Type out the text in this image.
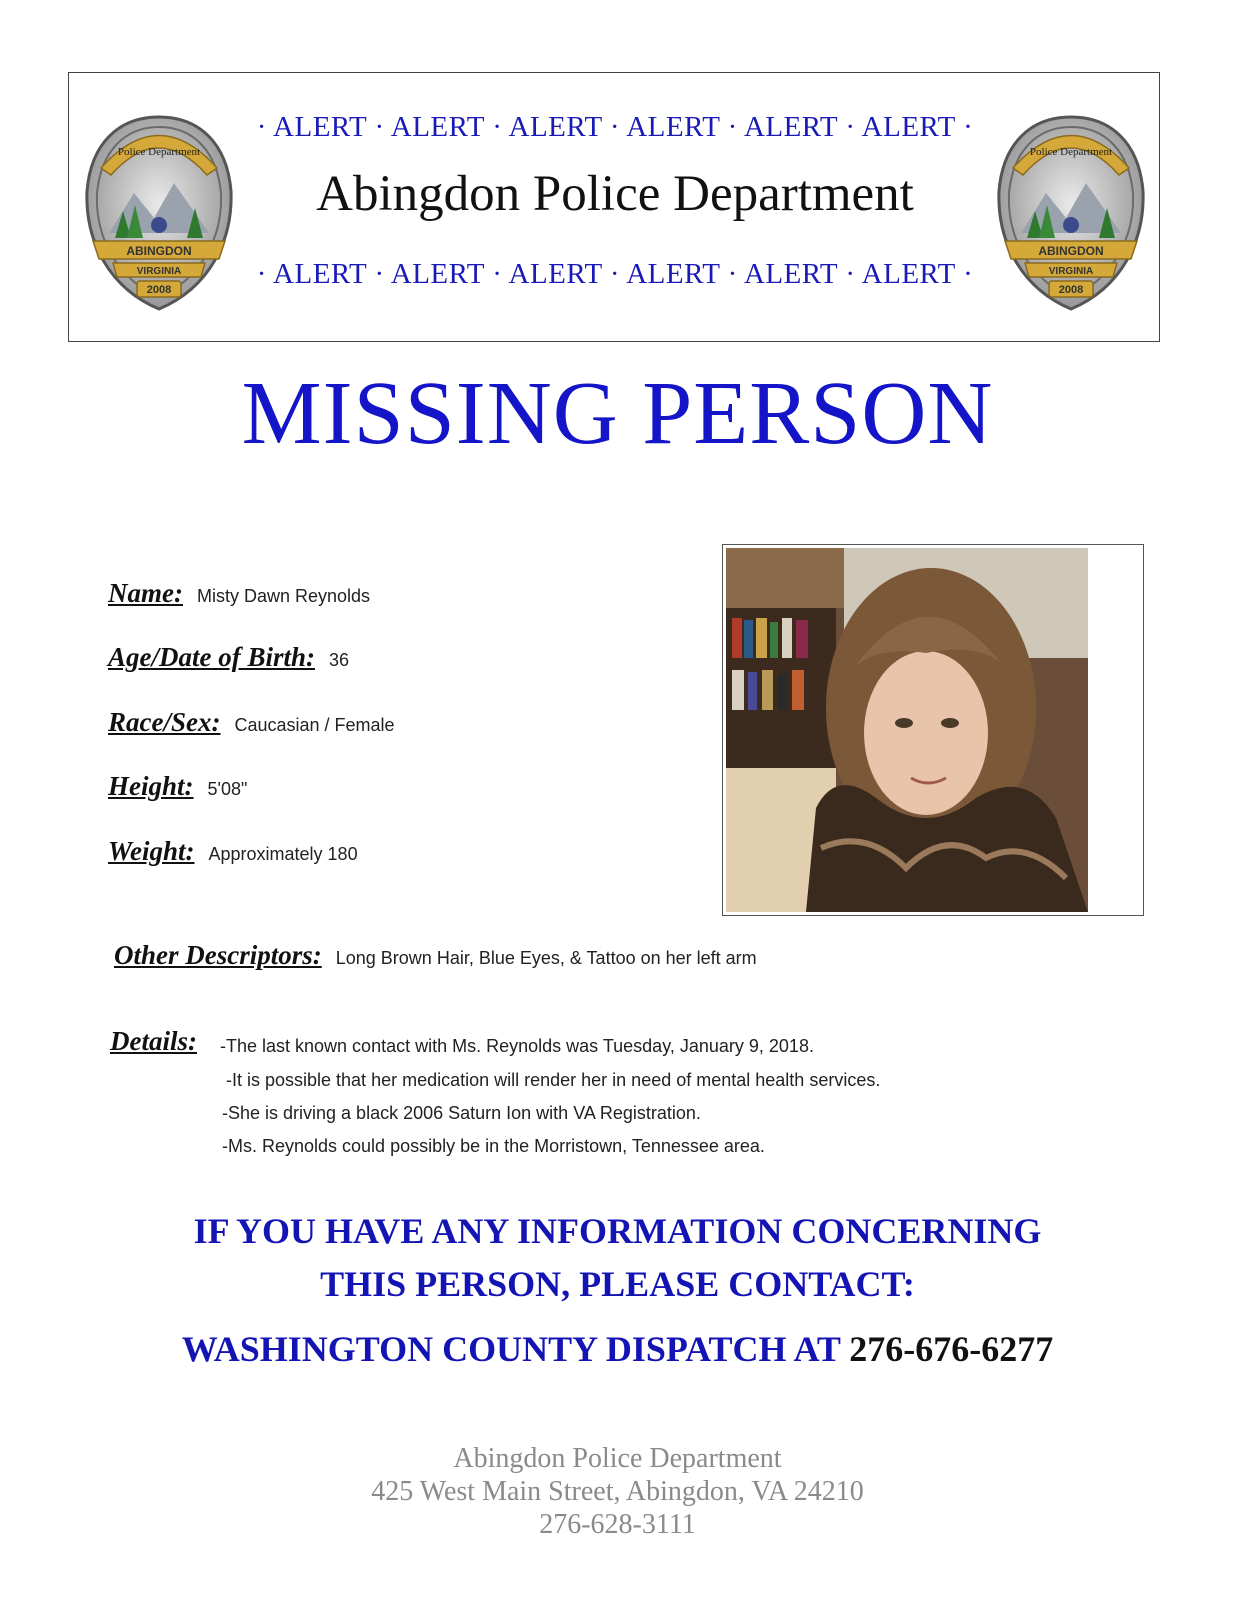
Police Department
ABINGDON
VIRGINIA
2008
· ALERT · ALERT · ALERT · ALERT · ALERT · ALERT ·
Abingdon Police Department
· ALERT · ALERT · ALERT · ALERT · ALERT · ALERT ·
Police Department
ABINGDON
VIRGINIA
2008
MISSING PERSON
Name: Misty Dawn Reynolds
Age/Date of Birth: 36
Race/Sex: Caucasian / Female
Height: 5'08"
Weight: Approximately 180
Other Descriptors: Long Brown Hair, Blue Eyes, & Tattoo on her left arm
Details: -The last known contact with Ms. Reynolds was Tuesday, January 9, 2018.
-It is possible that her medication will render her in need of mental health services.
-She is driving a black 2006 Saturn Ion with VA Registration.
-Ms. Reynolds could possibly be in the Morristown, Tennessee area.
IF YOU HAVE ANY INFORMATION CONCERNING
THIS PERSON, PLEASE CONTACT:
WASHINGTON COUNTY DISPATCH AT 276-676-6277
Abingdon Police Department
425 West Main Street, Abingdon, VA 24210
276-628-3111
